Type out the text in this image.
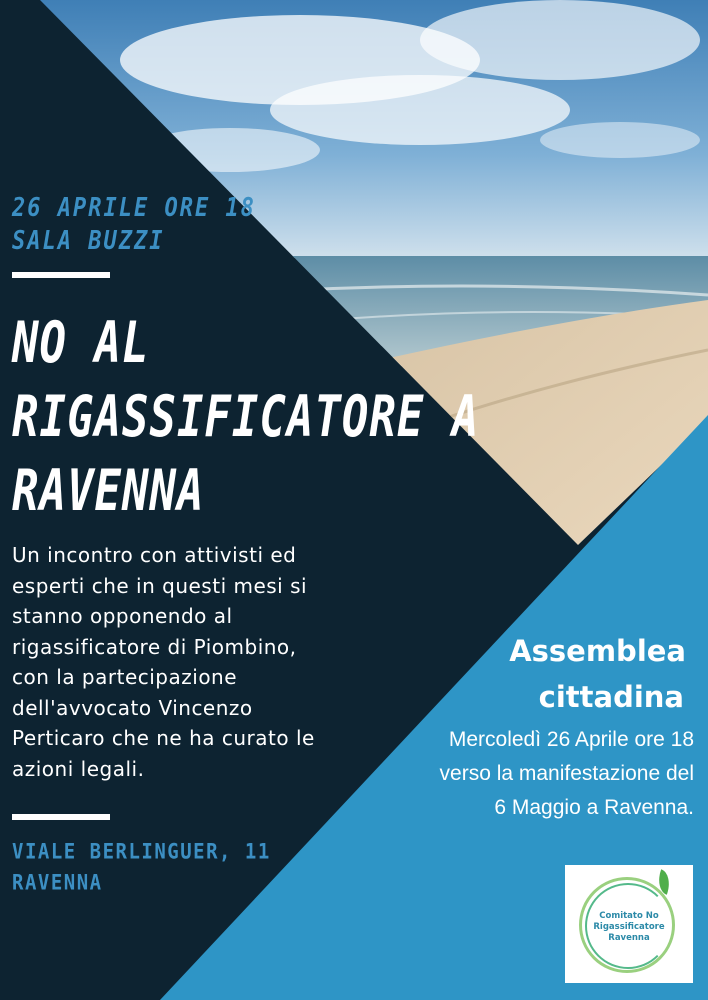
26 APRILE ORE 18
SALA BUZZI
NO AL
RIGASSIFICATORE A
RAVENNA
Un incontro con attivisti ed
esperti che in questi mesi si
stanno opponendo al
rigassificatore di Piombino,
con la partecipazione
dell'avvocato Vincenzo
Perticaro che ne ha curato le
azioni legali.
VIALE BERLINGUER, 11
RAVENNA
Assemblea
cittadina
Mercoledì 26 Aprile ore 18
verso la manifestazione del
6 Maggio a Ravenna.
Comitato No
Rigassificatore
Ravenna
